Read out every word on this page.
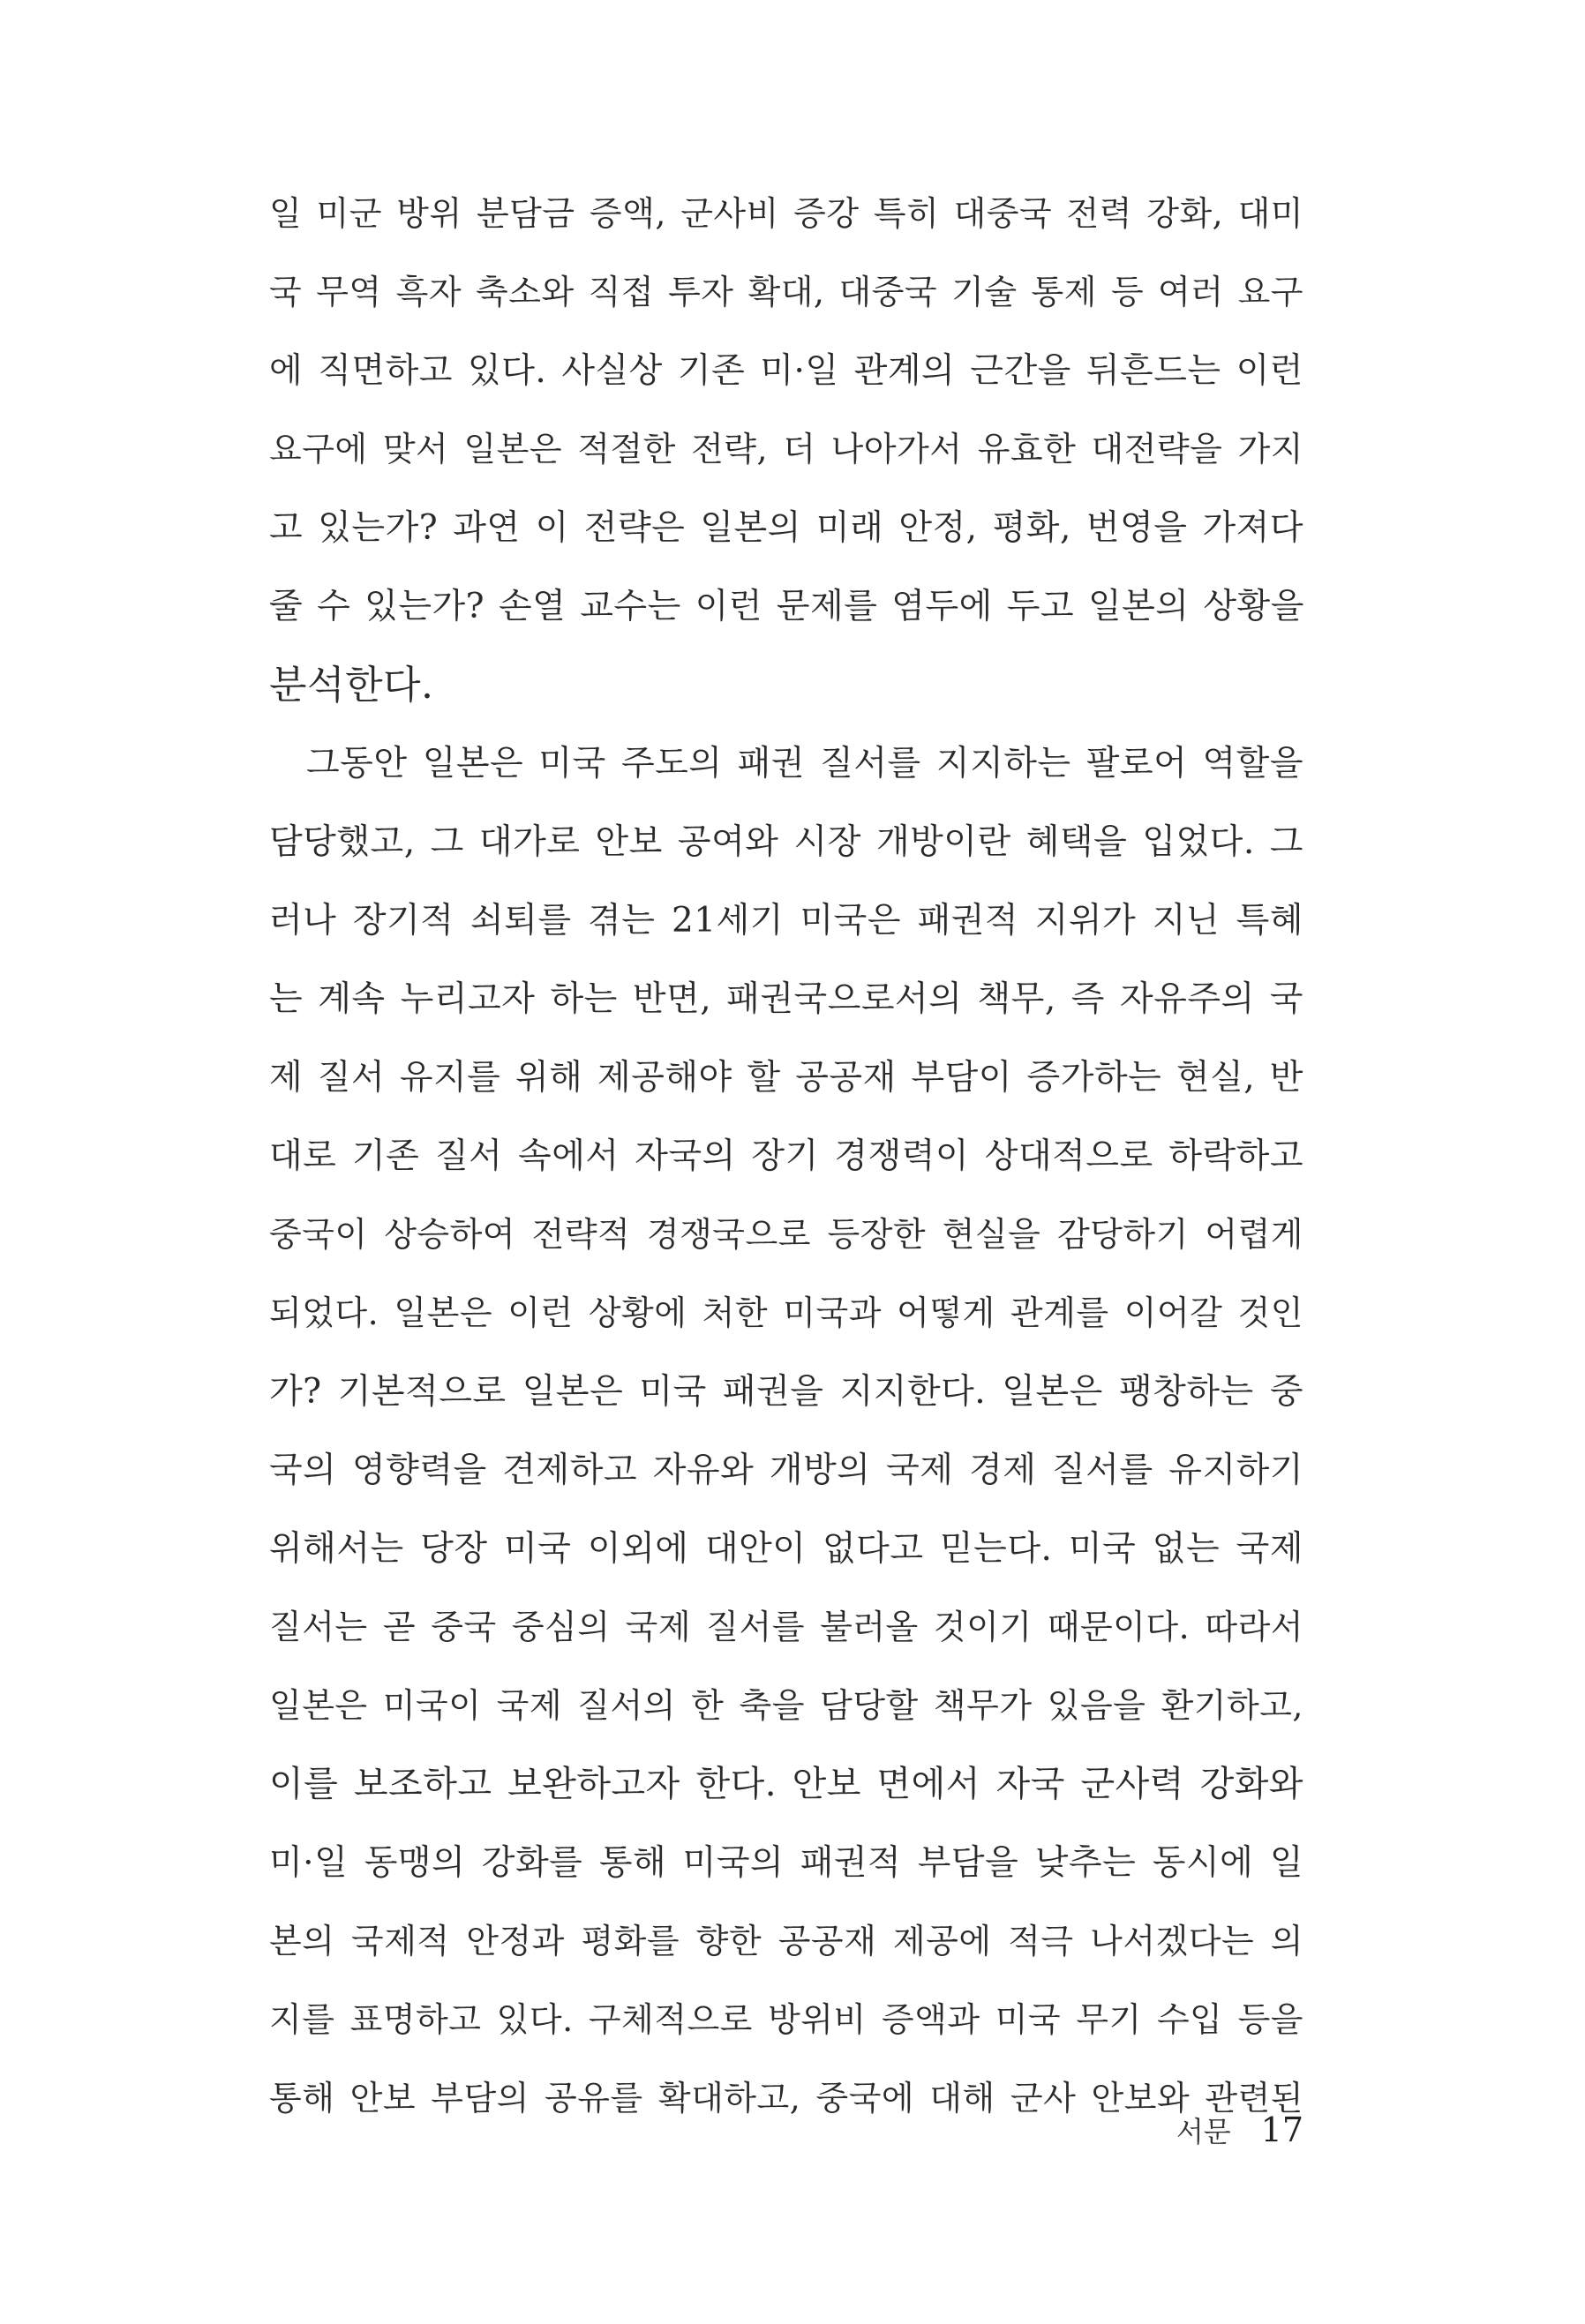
일 미군 방위 분담금 증액, 군사비 증강 특히 대중국 전력 강화, 대미
국 무역 흑자 축소와 직접 투자 확대, 대중국 기술 통제 등 여러 요구
에 직면하고 있다. 사실상 기존 미·일 관계의 근간을 뒤흔드는 이런
요구에 맞서 일본은 적절한 전략, 더 나아가서 유효한 대전략을 가지
고 있는가? 과연 이 전략은 일본의 미래 안정, 평화, 번영을 가져다
줄 수 있는가? 손열 교수는 이런 문제를 염두에 두고 일본의 상황을
분석한다.

그동안 일본은 미국 주도의 패권 질서를 지지하는 팔로어 역할을
담당했고, 그 대가로 안보 공여와 시장 개방이란 혜택을 입었다. 그
러나 장기적 쇠퇴를 겪는 21세기 미국은 패권적 지위가 지닌 특혜
는 계속 누리고자 하는 반면, 패권국으로서의 책무, 즉 자유주의 국
제 질서 유지를 위해 제공해야 할 공공재 부담이 증가하는 현실, 반
대로 기존 질서 속에서 자국의 장기 경쟁력이 상대적으로 하락하고
중국이 상승하여 전략적 경쟁국으로 등장한 현실을 감당하기 어렵게
되었다. 일본은 이런 상황에 처한 미국과 어떻게 관계를 이어갈 것인
가? 기본적으로 일본은 미국 패권을 지지한다. 일본은 팽창하는 중
국의 영향력을 견제하고 자유와 개방의 국제 경제 질서를 유지하기
위해서는 당장 미국 이외에 대안이 없다고 믿는다. 미국 없는 국제
질서는 곧 중국 중심의 국제 질서를 불러올 것이기 때문이다. 따라서
일본은 미국이 국제 질서의 한 축을 담당할 책무가 있음을 환기하고,
이를 보조하고 보완하고자 한다. 안보 면에서 자국 군사력 강화와
미·일 동맹의 강화를 통해 미국의 패권적 부담을 낮추는 동시에 일
본의 국제적 안정과 평화를 향한 공공재 제공에 적극 나서겠다는 의
지를 표명하고 있다. 구체적으로 방위비 증액과 미국 무기 수입 등을
통해 안보 부담의 공유를 확대하고, 중국에 대해 군사 안보와 관련된

서문 17
